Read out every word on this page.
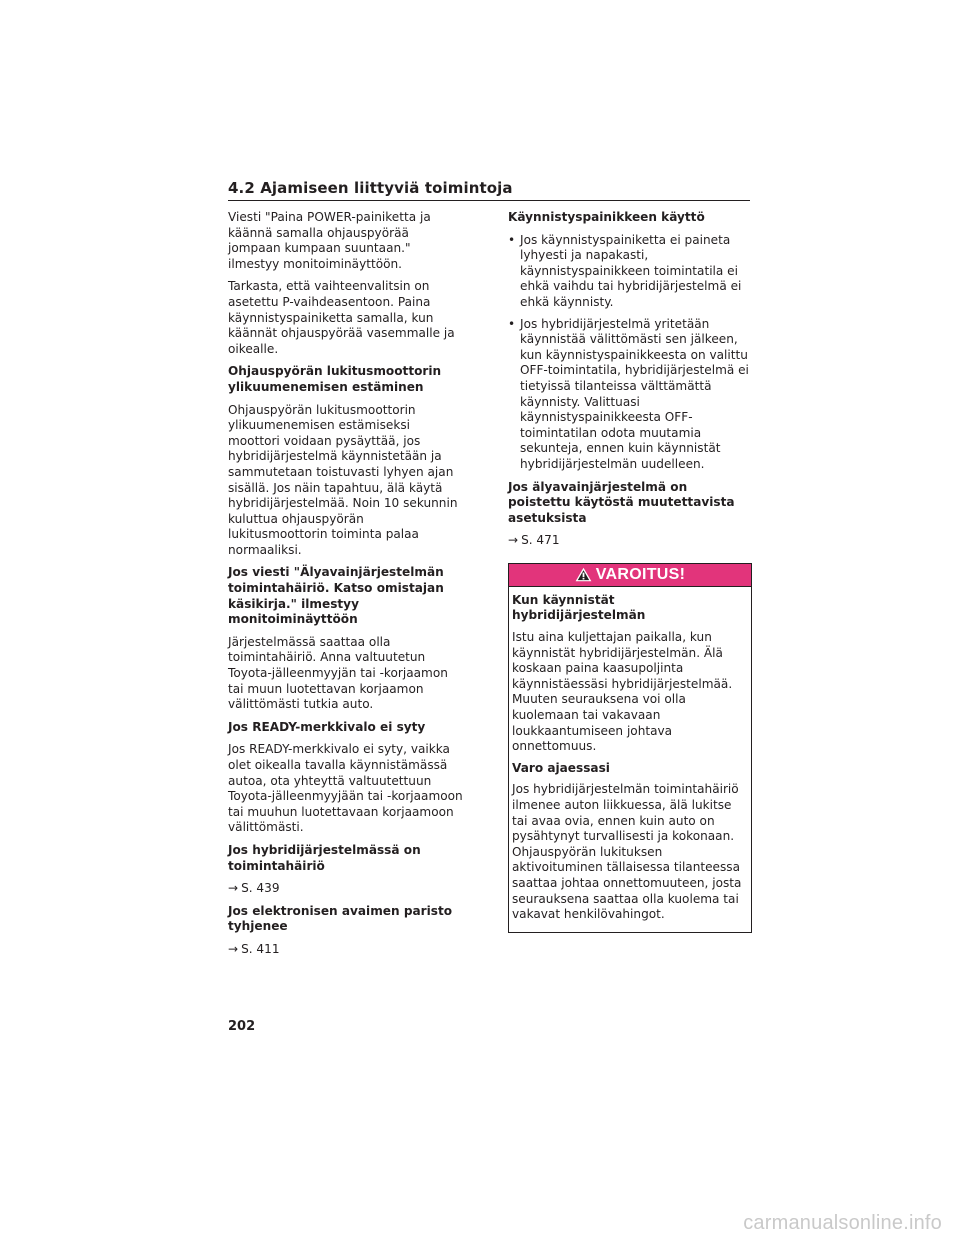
4.2 Ajamiseen liittyviä toimintoja

Viesti "Paina POWER-painiketta ja käännä samalla ohjauspyörää jompaan kumpaan suuntaan." ilmestyy monitoiminäyttöön.

Tarkasta, että vaihteenvalitsin on asetettu P-vaihdeasentoon. Paina käynnistyspainiketta samalla, kun käännät ohjauspyörää vasemmalle ja oikealle.

Ohjauspyörän lukitusmoottorin ylikuumenemisen estäminen

Ohjauspyörän lukitusmoottorin ylikuumenemisen estämiseksi moottori voidaan pysäyttää, jos hybridijärjestelmä käynnistetään ja sammutetaan toistuvasti lyhyen ajan sisällä. Jos näin tapahtuu, älä käytä hybridijärjestelmää. Noin 10 sekunnin kuluttua ohjauspyörän lukitusmoottorin toiminta palaa normaaliksi.

Jos viesti "Älyavainjärjestelmän toimintahäiriö. Katso omistajan käsikirja." ilmestyy monitoiminäyttöön

Järjestelmässä saattaa olla toimintahäiriö. Anna valtuutetun Toyota-jälleenmyyjän tai -korjaamon tai muun luotettavan korjaamon välittömästi tutkia auto.

Jos READY-merkkivalo ei syty

Jos READY-merkkivalo ei syty, vaikka olet oikealla tavalla käynnistämässä autoa, ota yhteyttä valtuutettuun Toyota-jälleenmyyjään tai -korjaamoon tai muuhun luotettavaan korjaamoon välittömästi.

Jos hybridijärjestelmässä on toimintahäiriö

→ S. 439

Jos elektronisen avaimen paristo tyhjenee

→ S. 411

Käynnistyspainikkeen käyttö
• Jos käynnistyspainiketta ei paineta lyhyesti ja napakasti, käynnistyspainikkeen toimintatila ei ehkä vaihdu tai hybridijärjestelmä ei ehkä käynnisty.
• Jos hybridijärjestelmä yritetään käynnistää välittömästi sen jälkeen, kun käynnistyspainikkeesta on valittu OFF-toimintatila, hybridijärjestelmä ei tietyissä tilanteissa välttämättä käynnisty. Valittuasi käynnistyspainikkeesta OFF-toimintatilan odota muutamia sekunteja, ennen kuin käynnistät hybridijärjestelmän uudelleen.
Jos älyavainjärjestelmä on poistettu käytöstä muutettavista asetuksista

→ S. 471

VAROITUS!
Kun käynnistät hybridijärjestelmän

Istu aina kuljettajan paikalla, kun käynnistät hybridijärjestelmän. Älä koskaan paina kaasupoljinta käynnistäessäsi hybridijärjestelmää. Muuten seurauksena voi olla kuolemaan tai vakavaan loukkaantumiseen johtava onnettomuus.

Varo ajaessasi

Jos hybridijärjestelmän toimintahäiriö ilmenee auton liikkuessa, älä lukitse tai avaa ovia, ennen kuin auto on pysähtynyt turvallisesti ja kokonaan. Ohjauspyörän lukituksen aktivoituminen tällaisessa tilanteessa saattaa johtaa onnettomuuteen, josta seurauksena saattaa olla kuolema tai vakavat henkilövahingot.

202
carmanualsonline.info
